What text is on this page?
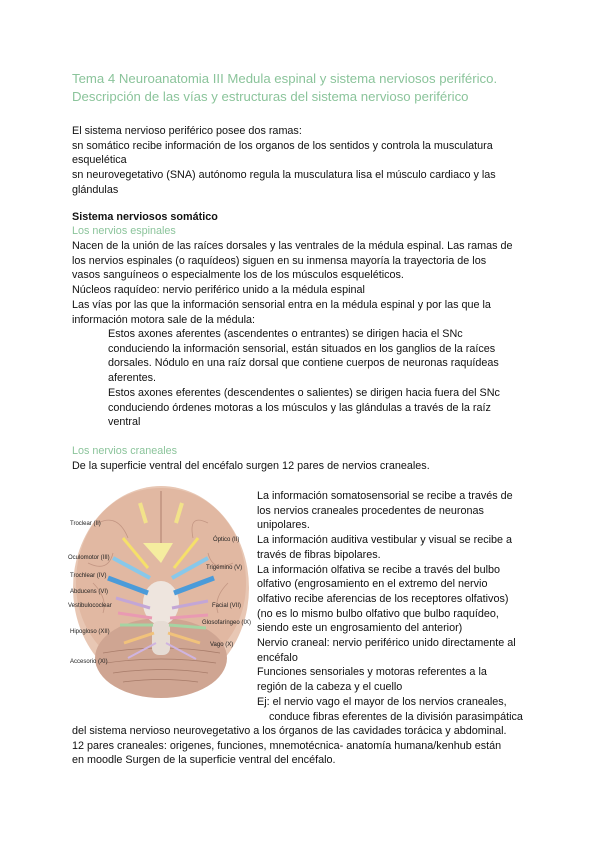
Tema 4 Neuroanatomia III Medula espinal y sistema nerviosos periférico.
Descripción de las vías y estructuras del sistema nervioso periférico
El sistema nervioso periférico posee dos ramas:
sn somático recibe información de los organos de los sentidos y controla la musculatura
esquelética
sn neurovegetativo (SNA) autónomo regula la musculatura lisa el músculo cardiaco y las
glándulas
Sistema nerviosos somático
Los nervios espinales
Nacen de la unión de las raíces dorsales y las ventrales de la médula espinal. Las ramas de
los nervios espinales (o raquídeos) siguen en su inmensa mayoría la trayectoria de los
vasos sanguíneos o especialmente los de los músculos esqueléticos.
Núcleos raquídeo: nervio periférico unido a la médula espinal
Las vías por las que la información sensorial entra en la médula espinal y por las que la
información motora sale de la médula:
Estos axones aferentes (ascendentes o entrantes) se dirigen hacia el SNc
conduciendo la información sensorial, están situados en los ganglios de la raíces
dorsales. Nódulo en una raíz dorsal que contiene cuerpos de neuronas raquídeas
aferentes.
Estos axones eferentes (descendentes o salientes) se dirigen hacia fuera del SNc
conduciendo órdenes motoras a los músculos y las glándulas a través de la raíz
ventral
Los nervios craneales
De la superficie ventral del encéfalo surgen 12 pares de nervios craneales.
Troclear (II)
Oculomotor (III)
Trochlear (IV)
Abducens (VI)
Vestibulococlear
Hipogloso (XII)
Accesorio (XI)
Óptico (II)
Trigémino (V)
Facial (VII)
Glosofaríngeo (IX)
Vago (X)
La información somatosensorial se recibe a través de
los nervios craneales procedentes de neuronas
unipolares.
La información auditiva vestibular y visual se recibe a
través de fibras bipolares.
La información olfativa se recibe a través del bulbo
olfativo (engrosamiento en el extremo del nervio
olfativo recibe aferencias de los receptores olfativos)
(no es lo mismo bulbo olfativo que bulbo raquídeo,
siendo este un engrosamiento del anterior)
Nervio craneal: nervio periférico unido directamente al
encéfalo
Funciones sensoriales y motoras referentes a la
región de la cabeza y el cuello
Ej: el nervio vago el mayor de los nervios craneales,
conduce fibras eferentes de la división parasimpática
del sistema nervioso neurovegetativo a los órganos de las cavidades torácica y abdominal.
12 pares craneales: origenes, funciones, mnemotécnica- anatomía humana/kenhub están
en moodle Surgen de la superficie ventral del encéfalo.
